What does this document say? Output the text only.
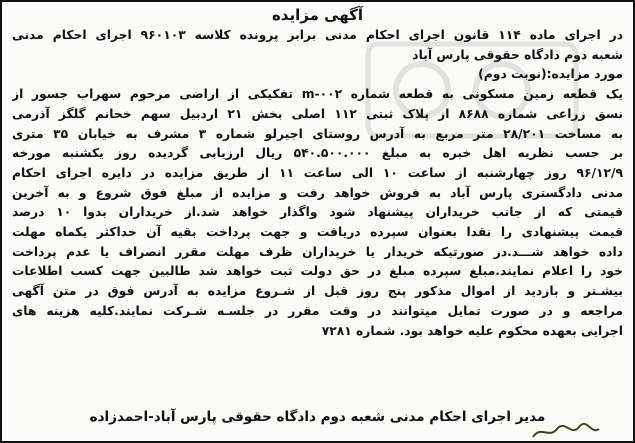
آگهی مزایده
در اجرای ماده ۱۱۴ قانون اجرای احکام مدنی برابر پرونده کلاسه ۹۶۰۱۰۳ اجرای احکام مدنی
شعبه دوم دادگاه حقوقی پارس آباد
مورد مزایده:(نوبت دوم)
یک قطعه زمین مسکونی به قطعه شماره m-۰۰۲ تفکیکی از اراضی مرحوم سهراب جسور از
نسق زراعی شماره ۸۶۸۸ از پلاک ثبتی ۱۱۲ اصلی بخش ۲۱ اردبیل سهم خحانم گلگز آذرمی
به مساحت ۲۸/۲۰۱ متر مربع به آدرس روستای اجیرلو شماره ۳ مشرف به خیابان ۳۵ متری
بر حسب نظریه اهل خبره به مبلغ ۵۴۰.۵۰۰.۰۰۰ ریال ارزیابی گردیده روز یکشنبه مورخه
۹۶/۱۲/۹ روز چهارشنبه از ساعت ۱۰ الی ساعت ۱۱ از طریق مزایده در دایره اجرای احکام
مدنی دادگستری پارس آباد به فروش خواهد رفت و مزایده از مبلغ فوق شروع و به آخرین
قیمتی که از جانب خریداران پیشنهاد شود واگذار خواهد شد.از خریداران بدوا ۱۰ درصد
قیمت پیشنهادی را نقدا بعنوان سپرده دریافت و جهت پرداخت بقیه آن حداکثر یکماه مهلت
داده خواهد شـــد.در صورتیکه خریدار یا خریداران ظرف مهلت مقرر انصراف یا عدم پرداخت
خود را اعلام نمایند.مبلغ سپرده مبلغ در حق دولت ثبت خواهد شد طالبین جهت کسب اطلاعات
بیشـتر و بازدید از اموال مذکور پنج روز قبل از شـروع مزایده به آدرس فوق در متن آگهی
مراجعه و در صورت تمایل میتوانند در وقت مقرر در جلسـه شـرکت نمایند.کلیه هزینه های
اجرایی بعهده محکوم علیه خواهد بود. شماره ۷۲۸۱
مدیر اجرای احکام مدنی شعبه دوم دادگاه حقوقی پارس آباد-احمدزاده
